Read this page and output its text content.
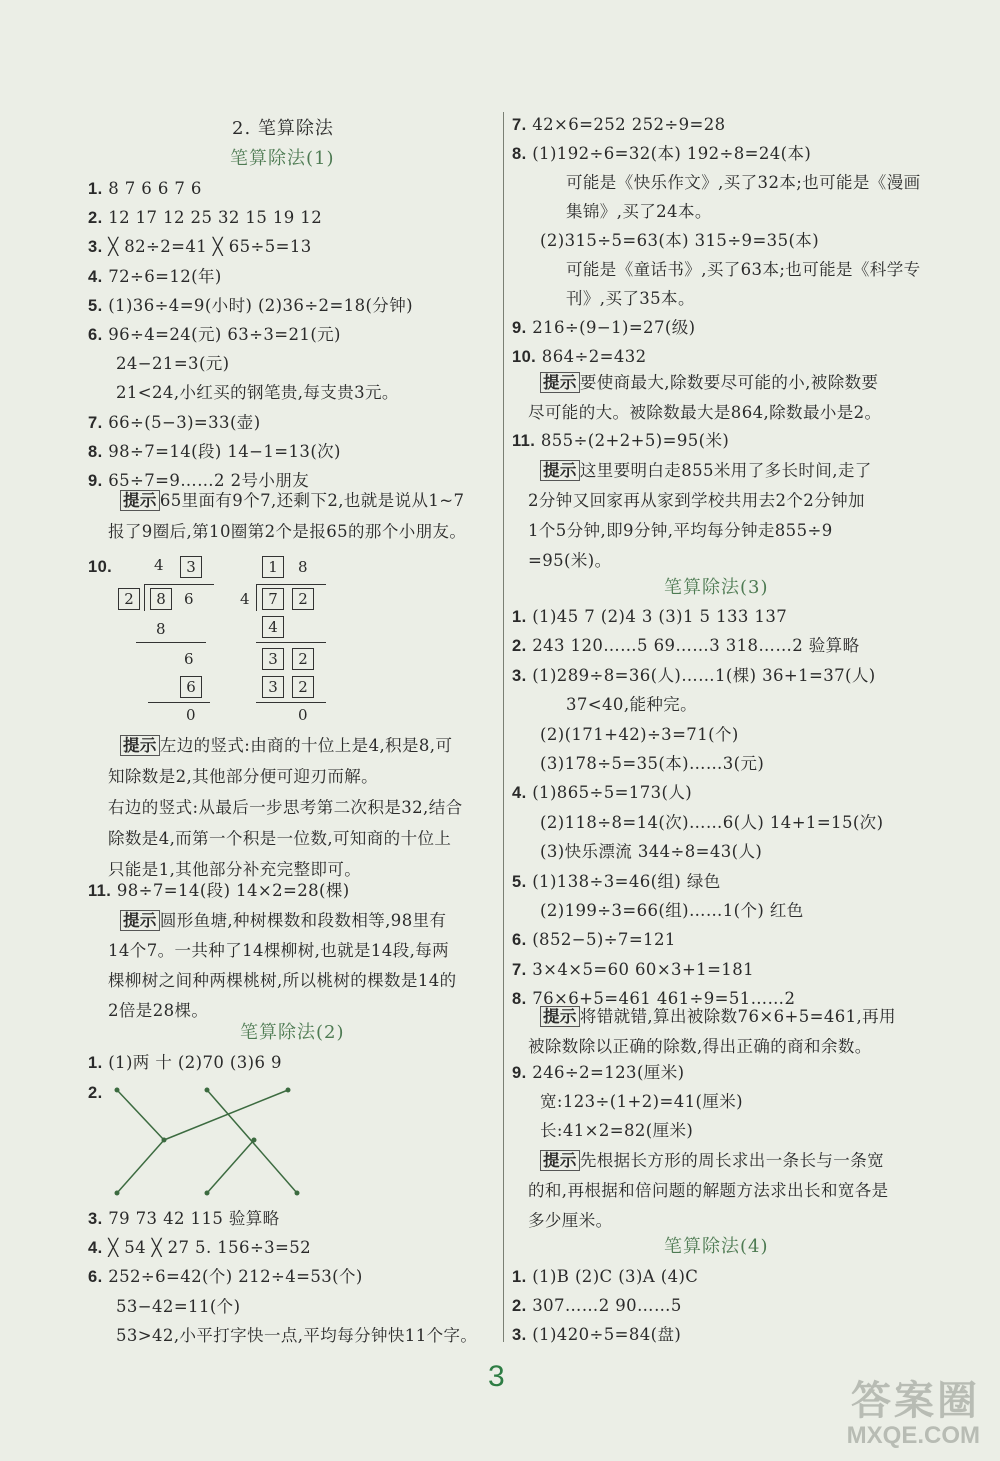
4	3
2	8	6
8
6
6
0
1	8
4	7	2
4
3	2
3	2
0
3
答案圈
MXQE.COM
2. 笔算除法
笔算除法(1)
1. 8 7 6 6 7 6
2. 12 17 12 25 32 15 19 12
3. ╳ 82÷2=41 ╳ 65÷5=13
4. 72÷6=12(年)
5. (1)36÷4=9(小时) (2)36÷2=18(分钟)
6. 96÷4=24(元) 63÷3=21(元)
24−21=3(元)
21<24,小红买的钢笔贵,每支贵3元。
7. 66÷(5−3)=33(壶)
8. 98÷7=14(段) 14−1=13(次)
9. 65÷7=9……2 2号小朋友
提示 65里面有9个7,还剩下2,也就是说从1~7
报了9圈后,第10圈第2个是报65的那个小朋友。
10.
提示 左边的竖式:由商的十位上是4,积是8,可
知除数是2,其他部分便可迎刃而解。
右边的竖式:从最后一步思考第二次积是32,结合
除数是4,而第一个积是一位数,可知商的十位上
只能是1,其他部分补充完整即可。
11. 98÷7=14(段) 14×2=28(棵)
提示 圆形鱼塘,种树棵数和段数相等,98里有
14个7。一共种了14棵柳树,也就是14段,每两
棵柳树之间种两棵桃树,所以桃树的棵数是14的
2倍是28棵。
笔算除法(2)
1. (1)两 十 (2)70 (3)6 9
2.
3. 79 73 42 115 验算略
4. ╳ 54 ╳ 27 5. 156÷3=52
6. 252÷6=42(个) 212÷4=53(个)
53−42=11(个)
53>42,小平打字快一点,平均每分钟快11个字。
7. 42×6=252 252÷9=28
8. (1)192÷6=32(本) 192÷8=24(本)
可能是《快乐作文》,买了32本;也可能是《漫画
集锦》,买了24本。
(2)315÷5=63(本) 315÷9=35(本)
可能是《童话书》,买了63本;也可能是《科学专
刊》,买了35本。
9. 216÷(9−1)=27(级)
10. 864÷2=432
提示 要使商最大,除数要尽可能的小,被除数要
尽可能的大。被除数最大是864,除数最小是2。
11. 855÷(2+2+5)=95(米)
提示 这里要明白走855米用了多长时间,走了
2分钟又回家再从家到学校共用去2个2分钟加
1个5分钟,即9分钟,平均每分钟走855÷9
=95(米)。
笔算除法(3)
1. (1)45 7 (2)4 3 (3)1 5 133 137
2. 243 120……5 69……3 318……2 验算略
3. (1)289÷8=36(人)……1(棵) 36+1=37(人)
37<40,能种完。
(2)(171+42)÷3=71(个)
(3)178÷5=35(本)……3(元)
4. (1)865÷5=173(人)
(2)118÷8=14(次)……6(人) 14+1=15(次)
(3)快乐漂流 344÷8=43(人)
5. (1)138÷3=46(组) 绿色
(2)199÷3=66(组)……1(个) 红色
6. (852−5)÷7=121
7. 3×4×5=60 60×3+1=181
8. 76×6+5=461 461÷9=51……2
提示 将错就错,算出被除数76×6+5=461,再用
被除数除以正确的除数,得出正确的商和余数。
9. 246÷2=123(厘米)
宽:123÷(1+2)=41(厘米)
长:41×2=82(厘米)
提示 先根据长方形的周长求出一条长与一条宽
的和,再根据和倍问题的解题方法求出长和宽各是
多少厘米。
笔算除法(4)
1. (1)B (2)C (3)A (4)C
2. 307……2 90……5
3. (1)420÷5=84(盘)
